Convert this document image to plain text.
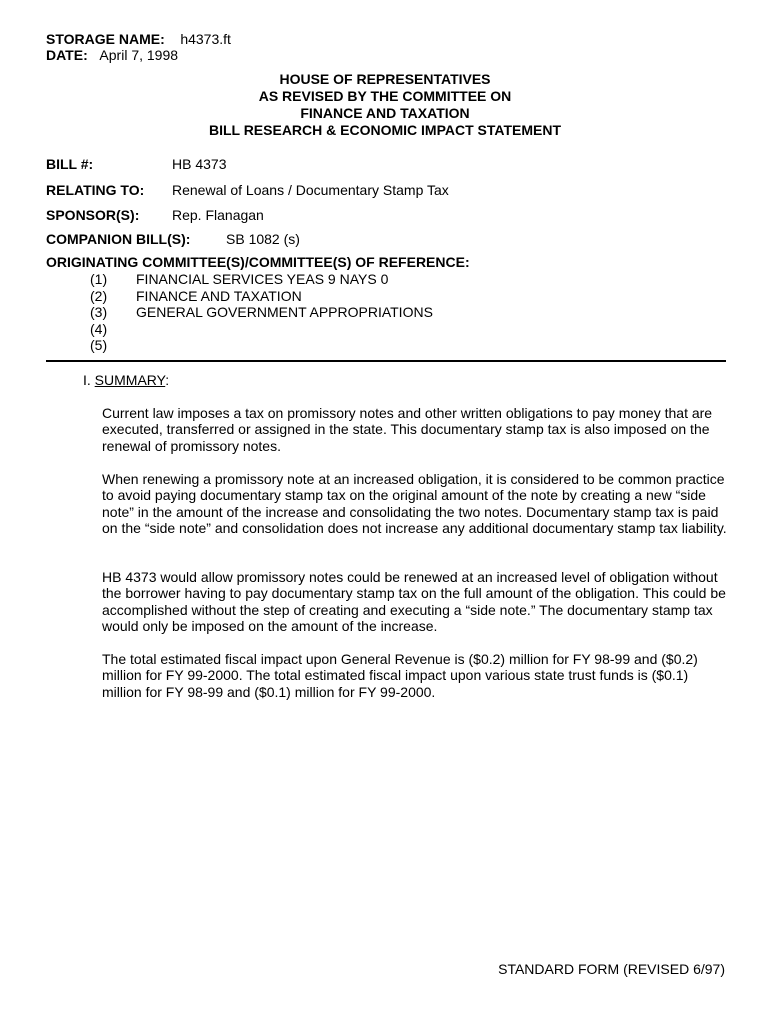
STORAGE NAME: h4373.ft
DATE: April 7, 1998
HOUSE OF REPRESENTATIVES
AS REVISED BY THE COMMITTEE ON
FINANCE AND TAXATION
BILL RESEARCH & ECONOMIC IMPACT STATEMENT
BILL #:	HB 4373
RELATING TO: Renewal of Loans / Documentary Stamp Tax
SPONSOR(S): Rep. Flanagan
COMPANION BILL(S):	SB 1082 (s)
ORIGINATING COMMITTEE(S)/COMMITTEE(S) OF REFERENCE:
(1) FINANCIAL SERVICES YEAS 9 NAYS 0
(2) FINANCE AND TAXATION
(3) GENERAL GOVERNMENT APPROPRIATIONS
(4)
(5)
I. SUMMARY:
Current law imposes a tax on promissory notes and other written obligations to pay money that are executed, transferred or assigned in the state. This documentary stamp tax is also imposed on the renewal of promissory notes.
When renewing a promissory note at an increased obligation, it is considered to be common practice to avoid paying documentary stamp tax on the original amount of the note by creating a new “side note” in the amount of the increase and consolidating the two notes. Documentary stamp tax is paid on the “side note” and consolidation does not increase any additional documentary stamp tax liability.
HB 4373 would allow promissory notes could be renewed at an increased level of obligation without the borrower having to pay documentary stamp tax on the full amount of the obligation. This could be accomplished without the step of creating and executing a “side note.” The documentary stamp tax would only be imposed on the amount of the increase.
The total estimated fiscal impact upon General Revenue is ($0.2) million for FY 98-99 and ($0.2) million for FY 99-2000. The total estimated fiscal impact upon various state trust funds is ($0.1) million for FY 98-99 and ($0.1) million for FY 99-2000.
STANDARD FORM (REVISED 6/97)
